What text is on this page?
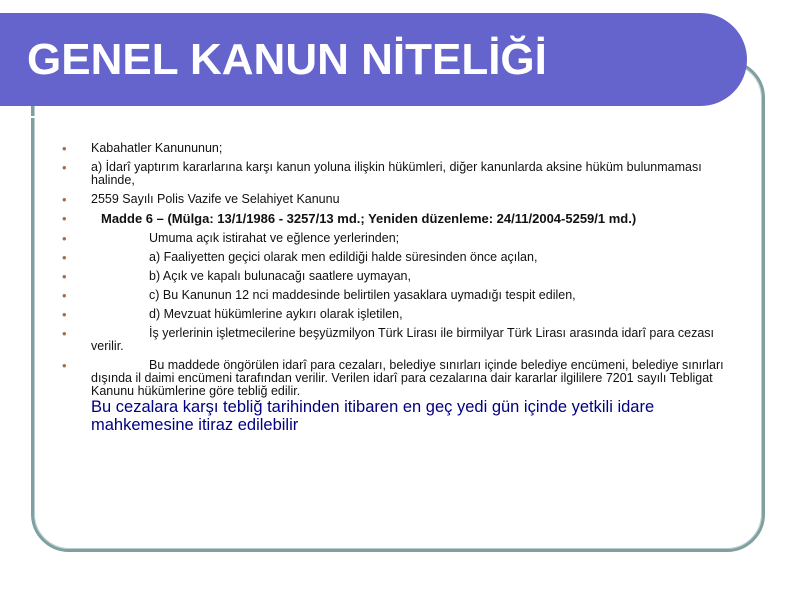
GENEL KANUN NİTELİĞİ
• Kabahatler Kanununun;
• a) İdarî yaptırım kararlarına karşı kanun yoluna ilişkin hükümleri, diğer kanunlarda aksine hüküm bulunmaması halinde,
• 2559 Sayılı Polis Vazife ve Selahiyet Kanunu
•	Madde 6 – (Mülga: 13/1/1986 - 3257/13 md.; Yeniden düzenleme: 24/11/2004-5259/1 md.)
•	Umuma açık istirahat ve eğlence yerlerinden;
•	a) Faaliyetten geçici olarak men edildiği halde süresinden önce açılan,
•	b) Açık ve kapalı bulunacağı saatlere uymayan,
•	c) Bu Kanunun 12 nci maddesinde belirtilen yasaklara uymadığı tespit edilen,
•	d) Mevzuat hükümlerine aykırı olarak işletilen,
•	İş yerlerinin işletmecilerine beşyüzmilyon Türk Lirası ile birmilyar Türk Lirası arasında idarî para cezası verilir.
•	Bu maddede öngörülen idarî para cezaları, belediye sınırları içinde belediye encümeni, belediye sınırları dışında il daimi encümeni tarafından verilir. Verilen idarî para cezalarına dair kararlar ilgililere 7201 sayılı Tebligat Kanunu hükümlerine göre tebliğ edilir.
Bu cezalara karşı tebliğ tarihinden itibaren en geç yedi gün içinde yetkili idare mahkemesine itiraz edilebilir
